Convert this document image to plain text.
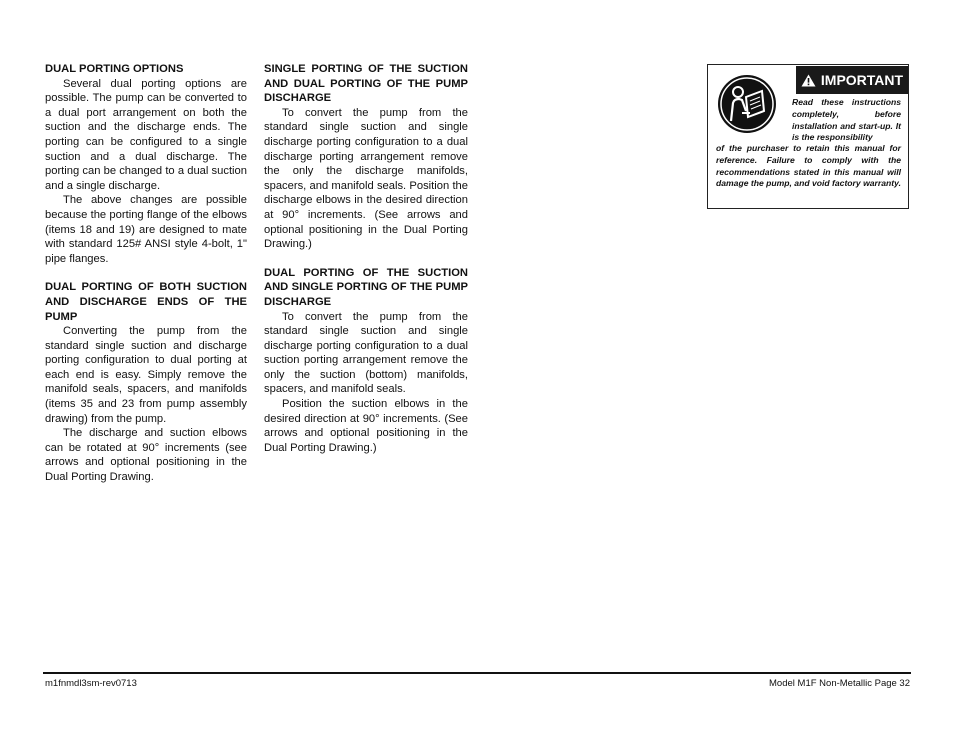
DUAL PORTING OPTIONS

Several dual porting options are possible. The pump can be converted to a dual port arrangement on both the suction and the discharge ends. The porting can be configured to a single suction and a dual discharge. The porting can be changed to a dual suction and a single discharge.

The above changes are possible because the porting flange of the elbows (items 18 and 19) are designed to mate with standard 125# ANSI style 4-bolt, 1" pipe flanges.

DUAL PORTING OF BOTH SUCTION AND DISCHARGE ENDS OF THE PUMP

Converting the pump from the standard single suction and discharge porting configuration to dual porting at each end is easy. Simply remove the manifold seals, spacers, and manifolds (items 35 and 23 from pump assembly drawing) from the pump.

The discharge and suction elbows can be rotated at 90° increments (see arrows and optional positioning in the Dual Porting Drawing.

SINGLE PORTING OF THE SUCTION AND DUAL PORTING OF THE PUMP DISCHARGE

To convert the pump from the standard single suction and single discharge porting configuration to a dual discharge porting arrangement remove the only the discharge manifolds, spacers, and manifold seals. Position the discharge elbows in the desired direction at 90° increments. (See arrows and optional positioning in the Dual Porting Drawing.)

DUAL PORTING OF THE SUCTION AND SINGLE PORTING OF THE PUMP DISCHARGE

To convert the pump from the standard single suction and single discharge porting configuration to a dual suction porting arrangement remove the only the suction (bottom) manifolds, spacers, and manifold seals.

Position the suction elbows in the desired direction at 90° increments. (See arrows and optional positioning in the Dual Porting Drawing.)

IMPORTANT
Read these instructions completely, before installation and start-up. It is the responsibility
of the purchaser to retain this manual for reference. Failure to comply with the recommendations stated in this manual will damage the pump, and void factory warranty.
m1fnmdl3sm-rev0713	Model M1F Non-Metallic Page 32
